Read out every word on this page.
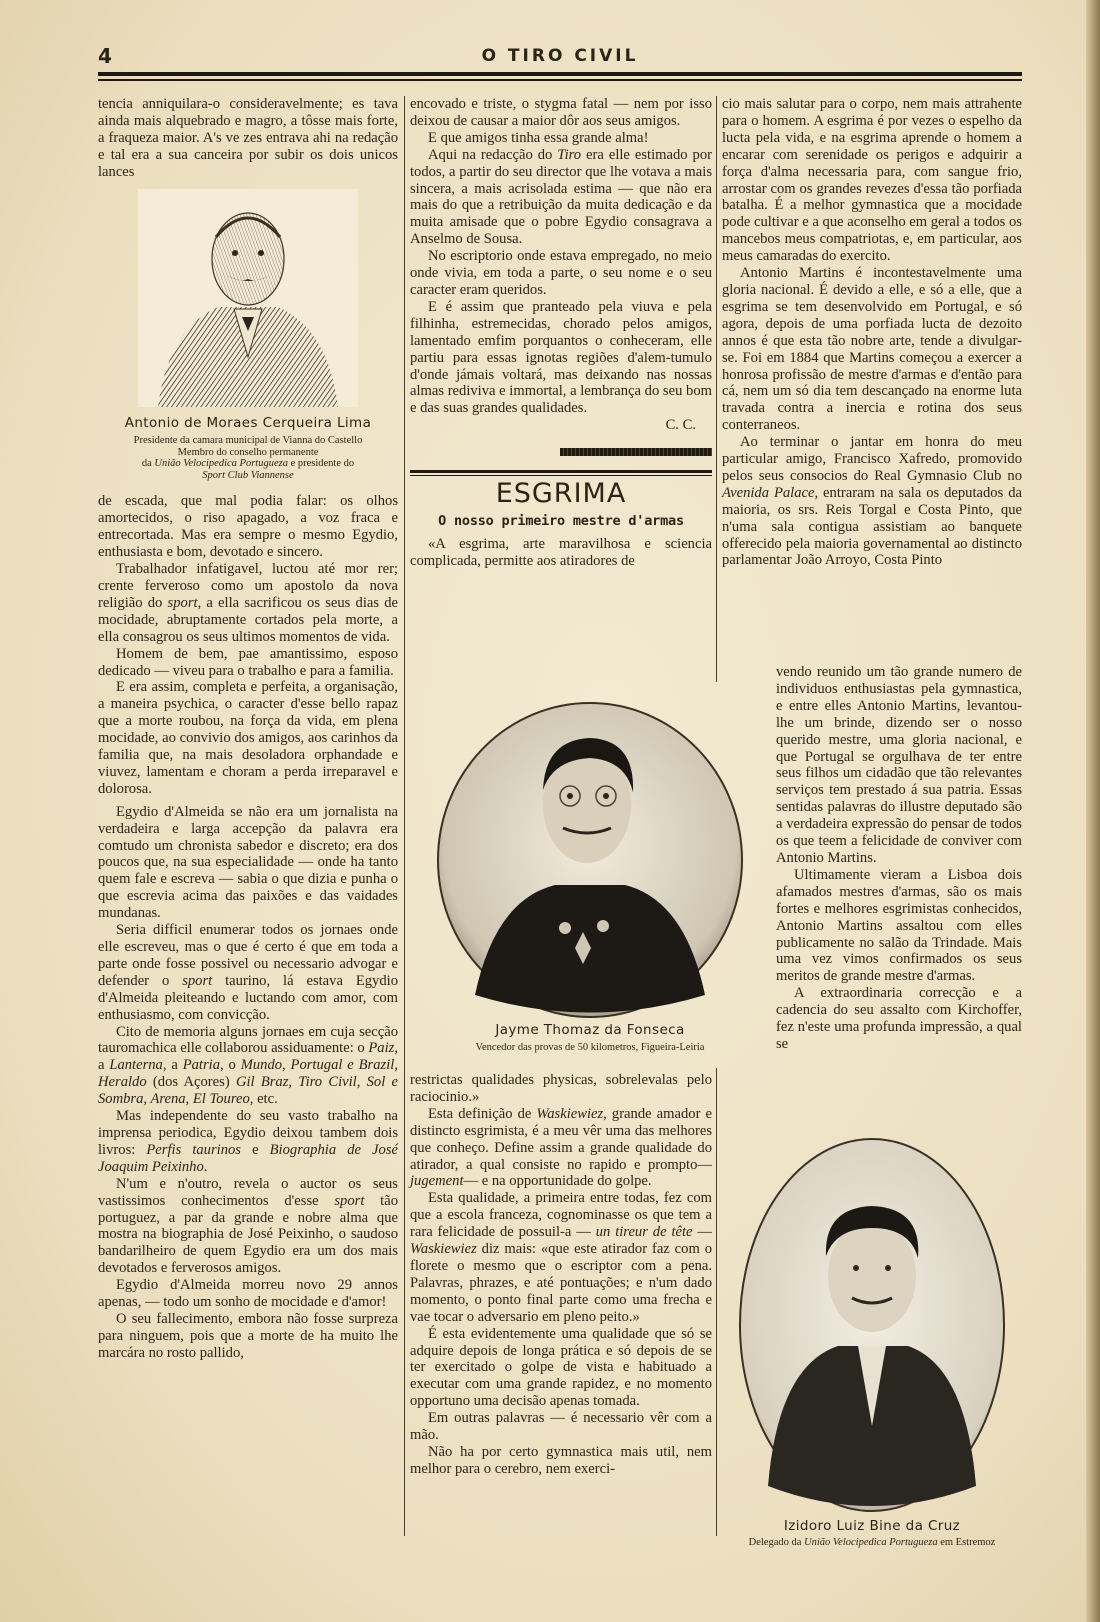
4	O TIRO CIVIL

tencia anniquilara-o consideravelmente; es tava ainda mais alquebrado e magro, a tôsse mais forte, a fraqueza maior. A's ve zes entrava ahi na redação e tal era a sua canceira por subir os dois unicos lances

Antonio de Moraes Cerqueira Lima
Presidente da camara municipal de Vianna do Castello
Membro do conselho permanente
da União Velocipedica Portugueza e presidente do
Sport Club Viannense

de escada, que mal podia falar: os olhos amortecidos, o riso apagado, a voz fraca e entrecortada. Mas era sempre o mesmo Egydio, enthusiasta e bom, devotado e sincero.

Trabalhador infatigavel, luctou até mor rer; crente ferveroso como um apostolo da nova religião do sport, a ella sacrificou os seus dias de mocidade, abruptamente cortados pela morte, a ella consagrou os seus ultimos momentos de vida.

Homem de bem, pae amantissimo, esposo dedicado — viveu para o trabalho e para a familia.

E era assim, completa e perfeita, a organisação, a maneira psychica, o caracter d'esse bello rapaz que a morte roubou, na força da vida, em plena mocidade, ao convivio dos amigos, aos carinhos da familia que, na mais desoladora orphandade e viuvez, lamentam e choram a perda irreparavel e dolorosa.

Egydio d'Almeida se não era um jornalista na verdadeira e larga accepção da palavra era comtudo um chronista sabedor e discreto; era dos poucos que, na sua especialidade — onde ha tanto quem fale e escreva — sabia o que dizia e punha o que escrevia acima das paixões e das vaidades mundanas.

Seria difficil enumerar todos os jornaes onde elle escreveu, mas o que é certo é que em toda a parte onde fosse possivel ou necessario advogar e defender o sport taurino, lá estava Egydio d'Almeida pleiteando e luctando com amor, com enthusiasmo, com convicção.

Cito de memoria alguns jornaes em cuja secção tauromachica elle collaborou assiduamente: o Paiz, a Lanterna, a Patria, o Mundo, Portugal e Brazil, Heraldo (dos Açores) Gil Braz, Tiro Civil, Sol e Sombra, Arena, El Toureo, etc.

Mas independente do seu vasto trabalho na imprensa periodica, Egydio deixou tambem dois livros: Perfis taurinos e Biographia de José Joaquim Peixinho.

N'um e n'outro, revela o auctor os seus vastissimos conhecimentos d'esse sport tão portuguez, a par da grande e nobre alma que mostra na biographia de José Peixinho, o saudoso bandarilheiro de quem Egydio era um dos mais devotados e ferverosos amigos.

Egydio d'Almeida morreu novo 29 annos apenas, — todo um sonho de mocidade e d'amor!

O seu fallecimento, embora não fosse surpreza para ninguem, pois que a morte de ha muito lhe marcára no rosto pallido,

encovado e triste, o stygma fatal — nem por isso deixou de causar a maior dôr aos seus amigos.

E que amigos tinha essa grande alma!

Aqui na redacção do Tiro era elle estimado por todos, a partir do seu director que lhe votava a mais sincera, a mais acrisolada estima — que não era mais do que a retribuição da muita dedicação e da muita amisade que o pobre Egydio consagrava a Anselmo de Sousa.

No escriptorio onde estava empregado, no meio onde vivia, em toda a parte, o seu nome e o seu caracter eram queridos.

E é assim que pranteado pela viuva e pela filhinha, estremecidas, chorado pelos amigos, lamentado emfim porquantos o conheceram, elle partiu para essas ignotas regiões d'alem-tumulo d'onde jámais voltará, mas deixando nas nossas almas rediviva e immortal, a lembrança do seu bom e das suas grandes qualidades.

C. C.
ESGRIMA
O nosso primeiro mestre d'armas

«A esgrima, arte maravilhosa e sciencia complicada, permitte aos atiradores de

Jayme Thomaz da Fonseca
Vencedor das provas de 50 kilometros, Figueira-Leiria

restrictas qualidades physicas, sobrelevalas pelo raciocinio.»

Esta definição de Waskiewiez, grande amador e distincto esgrimista, é a meu vêr uma das melhores que conheço. Define assim a grande qualidade do atirador, a qual consiste no rapido e prompto—jugement— e na opportunidade do golpe.

Esta qualidade, a primeira entre todas, fez com que a escola franceza, cognominasse os que tem a rara felicidade de possuil-a — un tireur de tête — Waskiewiez diz mais: «que este atirador faz com o florete o mesmo que o escriptor com a pena. Palavras, phrazes, e até pontuações; e n'um dado momento, o ponto final parte como uma frecha e vae tocar o adversario em pleno peito.»

É esta evidentemente uma qualidade que só se adquire depois de longa prática e só depois de se ter exercitado o golpe de vista e habituado a executar com uma grande rapidez, e no momento opportuno uma decisão apenas tomada.

Em outras palavras — é necessario vêr com a mão.

Não ha por certo gymnastica mais util, nem melhor para o cerebro, nem exerci-

cio mais salutar para o corpo, nem mais attrahente para o homem. A esgrima é por vezes o espelho da lucta pela vida, e na esgrima aprende o homem a encarar com serenidade os perigos e adquirir a força d'alma necessaria para, com sangue frio, arrostar com os grandes revezes d'essa tão porfiada batalha. É a melhor gymnastica que a mocidade pode cultivar e a que aconselho em geral a todos os mancebos meus compatriotas, e, em particular, aos meus camaradas do exercito.

Antonio Martins é incontestavelmente uma gloria nacional. É devido a elle, e só a elle, que a esgrima se tem desenvolvido em Portugal, e só agora, depois de uma porfiada lucta de dezoito annos é que esta tão nobre arte, tende a divulgar-se. Foi em 1884 que Martins começou a exercer a honrosa profissão de mestre d'armas e d'então para cá, nem um só dia tem descançado na enorme luta travada contra a inercia e rotina dos seus conterraneos.

Ao terminar o jantar em honra do meu particular amigo, Francisco Xafredo, promovido pelos seus consocios do Real Gymnasio Club no Avenida Palace, entraram na sala os deputados da maioria, os srs. Reis Torgal e Costa Pinto, que n'uma sala contigua assistiam ao banquete offerecido pela maioria governamental ao distincto parlamentar João Arroyo, Costa Pinto

vendo reunido um tão grande numero de individuos enthusiastas pela gymnastica, e entre elles Antonio Martins, levantou-lhe um brinde, dizendo ser o nosso querido mestre, uma gloria nacional, e que Portugal se orgulhava de ter entre seus filhos um cidadão que tão relevantes serviços tem prestado á sua patria. Essas sentidas palavras do illustre deputado são a verdadeira expressão do pensar de todos os que teem a felicidade de conviver com Antonio Martins.

Ultimamente vieram a Lisboa dois afamados mestres d'armas, são os mais fortes e melhores esgrimistas conhecidos, Antonio Martins assaltou com elles publicamente no salão da Trindade. Mais uma vez vimos confirmados os seus meritos de grande mestre d'armas.

A extraordinaria correcção e a cadencia do seu assalto com Kirchoffer, fez n'este uma profunda impressão, a qual se

Izidoro Luiz Bine da Cruz
Delegado da União Velocipedica Portugueza em Estremoz
